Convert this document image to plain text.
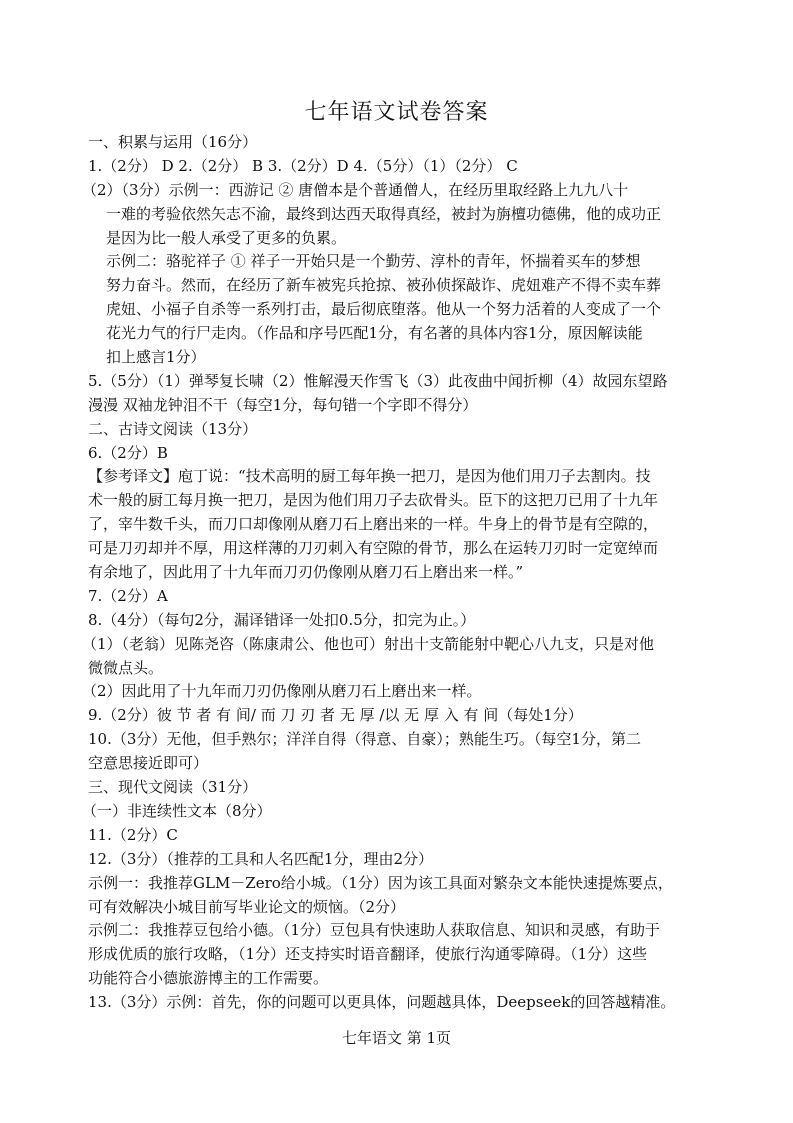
七年语文试卷答案
一、积累与运用（16分）
1.（2分） D 2.（2分） B 3.（2分）D 4.（5分）（1）（2分） C
（2）（3分）示例一：西游记 ② 唐僧本是个普通僧人，在经历里取经路上九九八十
一难的考验依然矢志不渝，最终到达西天取得真经，被封为旃檀功德佛，他的成功正
是因为比一般人承受了更多的负累。
示例二：骆驼祥子 ① 祥子一开始只是一个勤劳、淳朴的青年，怀揣着买车的梦想
努力奋斗。然而，在经历了新车被宪兵抢掠、被孙侦探敲诈、虎妞难产不得不卖车葬
虎妞、小福子自杀等一系列打击，最后彻底堕落。他从一个努力活着的人变成了一个
花光力气的行尸走肉。（作品和序号匹配1分，有名著的具体内容1分，原因解读能
扣上感言1分）
5.（5分）（1）弹琴复长啸（2）惟解漫天作雪飞（3）此夜曲中闻折柳（4）故园东望路
漫漫 双袖龙钟泪不干（每空1分，每句错一个字即不得分）
二、古诗文阅读（13分）
6.（2分）B
【参考译文】庖丁说：“技术高明的厨工每年换一把刀，是因为他们用刀子去割肉。技
术一般的厨工每月换一把刀，是因为他们用刀子去砍骨头。臣下的这把刀已用了十九年
了，宰牛数千头，而刀口却像刚从磨刀石上磨出来的一样。牛身上的骨节是有空隙的，
可是刀刃却并不厚，用这样薄的刀刃刺入有空隙的骨节，那么在运转刀刃时一定宽绰而
有余地了，因此用了十九年而刀刃仍像刚从磨刀石上磨出来一样。”
7.（2分）A
8.（4分）（每句2分，漏译错译一处扣0.5分，扣完为止。）
（1）（老翁）见陈尧咨（陈康肃公、他也可）射出十支箭能射中靶心八九支，只是对他
微微点头。
（2）因此用了十九年而刀刃仍像刚从磨刀石上磨出来一样。
9.（2分）彼 节 者 有 间/ 而 刀 刃 者 无 厚 /以 无 厚 入 有 间（每处1分）
10.（3分）无他，但手熟尔；洋洋自得（得意、自豪）；熟能生巧。（每空1分，第二
空意思接近即可）
三、现代文阅读（31分）
（一）非连续性文本（8分）
11.（2分）C
12.（3分）（推荐的工具和人名匹配1分，理由2分）
示例一：我推荐GLM－Zero给小城。（1分）因为该工具面对繁杂文本能快速提炼要点，
可有效解决小城目前写毕业论文的烦恼。（2分）
示例二：我推荐豆包给小德。（1分）豆包具有快速助人获取信息、知识和灵感，有助于
形成优质的旅行攻略，（1分）还支持实时语音翻译，使旅行沟通零障碍。（1分）这些
功能符合小德旅游博主的工作需要。
13.（3分）示例：首先，你的问题可以更具体，问题越具体，Deepseek的回答越精准。
七年语文 第 1页
